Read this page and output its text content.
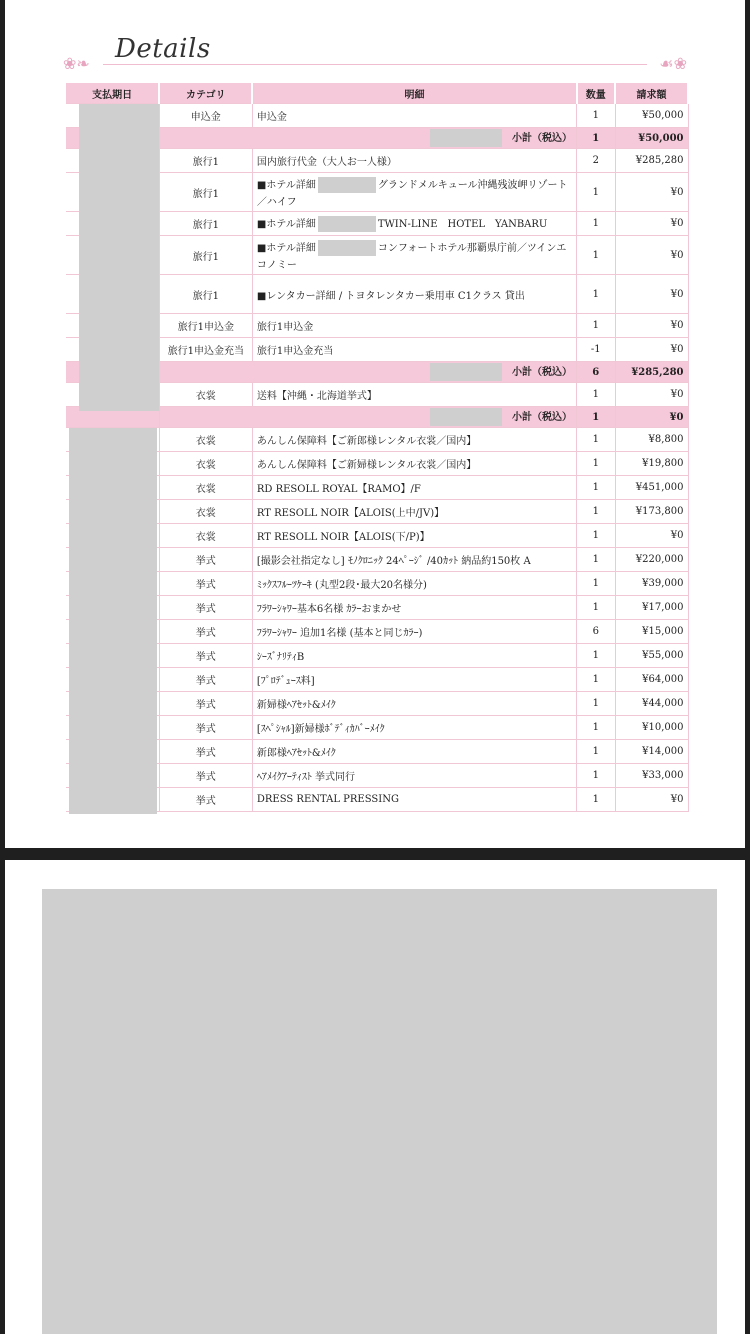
❀❧ Details	☙❀
支払期日	カテゴリ	明細	数量	請求額
	申込金	申込金	1	¥50,000
	小計（税込）		1	¥50,000
	旅行1	国内旅行代金（大人お一人様）	2	¥285,280
	旅行1	■ホテル詳細 グランドメルキュール沖縄残波岬リゾート／ハイフ	1	¥0
	旅行1	■ホテル詳細 TWIN-LINE　HOTEL　YANBARU	1	¥0
	旅行1	■ホテル詳細 コンフォートホテル那覇県庁前／ツインエコノミー	1	¥0
	旅行1	■レンタカー詳細 / トヨタレンタカー乗用車 C1クラス 貸出	1	¥0
	旅行1申込金	旅行1申込金	1	¥0
	旅行1申込金充当	旅行1申込金充当	-1	¥0
	小計（税込）		6	¥285,280
	衣裳	送料【沖縄・北海道挙式】	1	¥0
	小計（税込）		1	¥0
	衣裳	あんしん保障料【ご新郎様レンタル衣裳／国内】	1	¥8,800
	衣裳	あんしん保障料【ご新婦様レンタル衣裳／国内】	1	¥19,800
	衣裳	RD RESOLL ROYAL【RAMO】/F	1	¥451,000
	衣裳	RT RESOLL NOIR【ALOIS(上中/JV)】	1	¥173,800
	衣裳	RT RESOLL NOIR【ALOIS(下/P)】	1	¥0
	挙式	[撮影会社指定なし] ﾓﾉｸﾛﾆｯｸ 24ﾍﾟｰｼﾞ /40ｶｯﾄ 納品約150枚 A	1	¥220,000
	挙式	ﾐｯｸｽﾌﾙｰﾂｹｰｷ (丸型2段･最大20名様分)	1	¥39,000
	挙式	ﾌﾗﾜｰｼｬﾜｰ基本6名様 ｶﾗｰおまかせ	1	¥17,000
	挙式	ﾌﾗﾜｰｼｬﾜｰ 追加1名様 (基本と同じｶﾗｰ)	6	¥15,000
	挙式	ｼｰｽﾞﾅﾘﾃｨB	1	¥55,000
	挙式	[ﾌﾟﾛﾃﾞｭｰｽ料]	1	¥64,000
	挙式	新婦様ﾍｱｾｯﾄ&ﾒｲｸ	1	¥44,000
	挙式	[ｽﾍﾟｼｬﾙ]新婦様ﾎﾞﾃﾞｨｶﾊﾞｰﾒｲｸ	1	¥10,000
	挙式	新郎様ﾍｱｾｯﾄ&ﾒｲｸ	1	¥14,000
	挙式	ﾍｱﾒｲｸｱｰﾃｨｽﾄ 挙式同行	1	¥33,000
	挙式	DRESS RENTAL PRESSING	1	¥0
